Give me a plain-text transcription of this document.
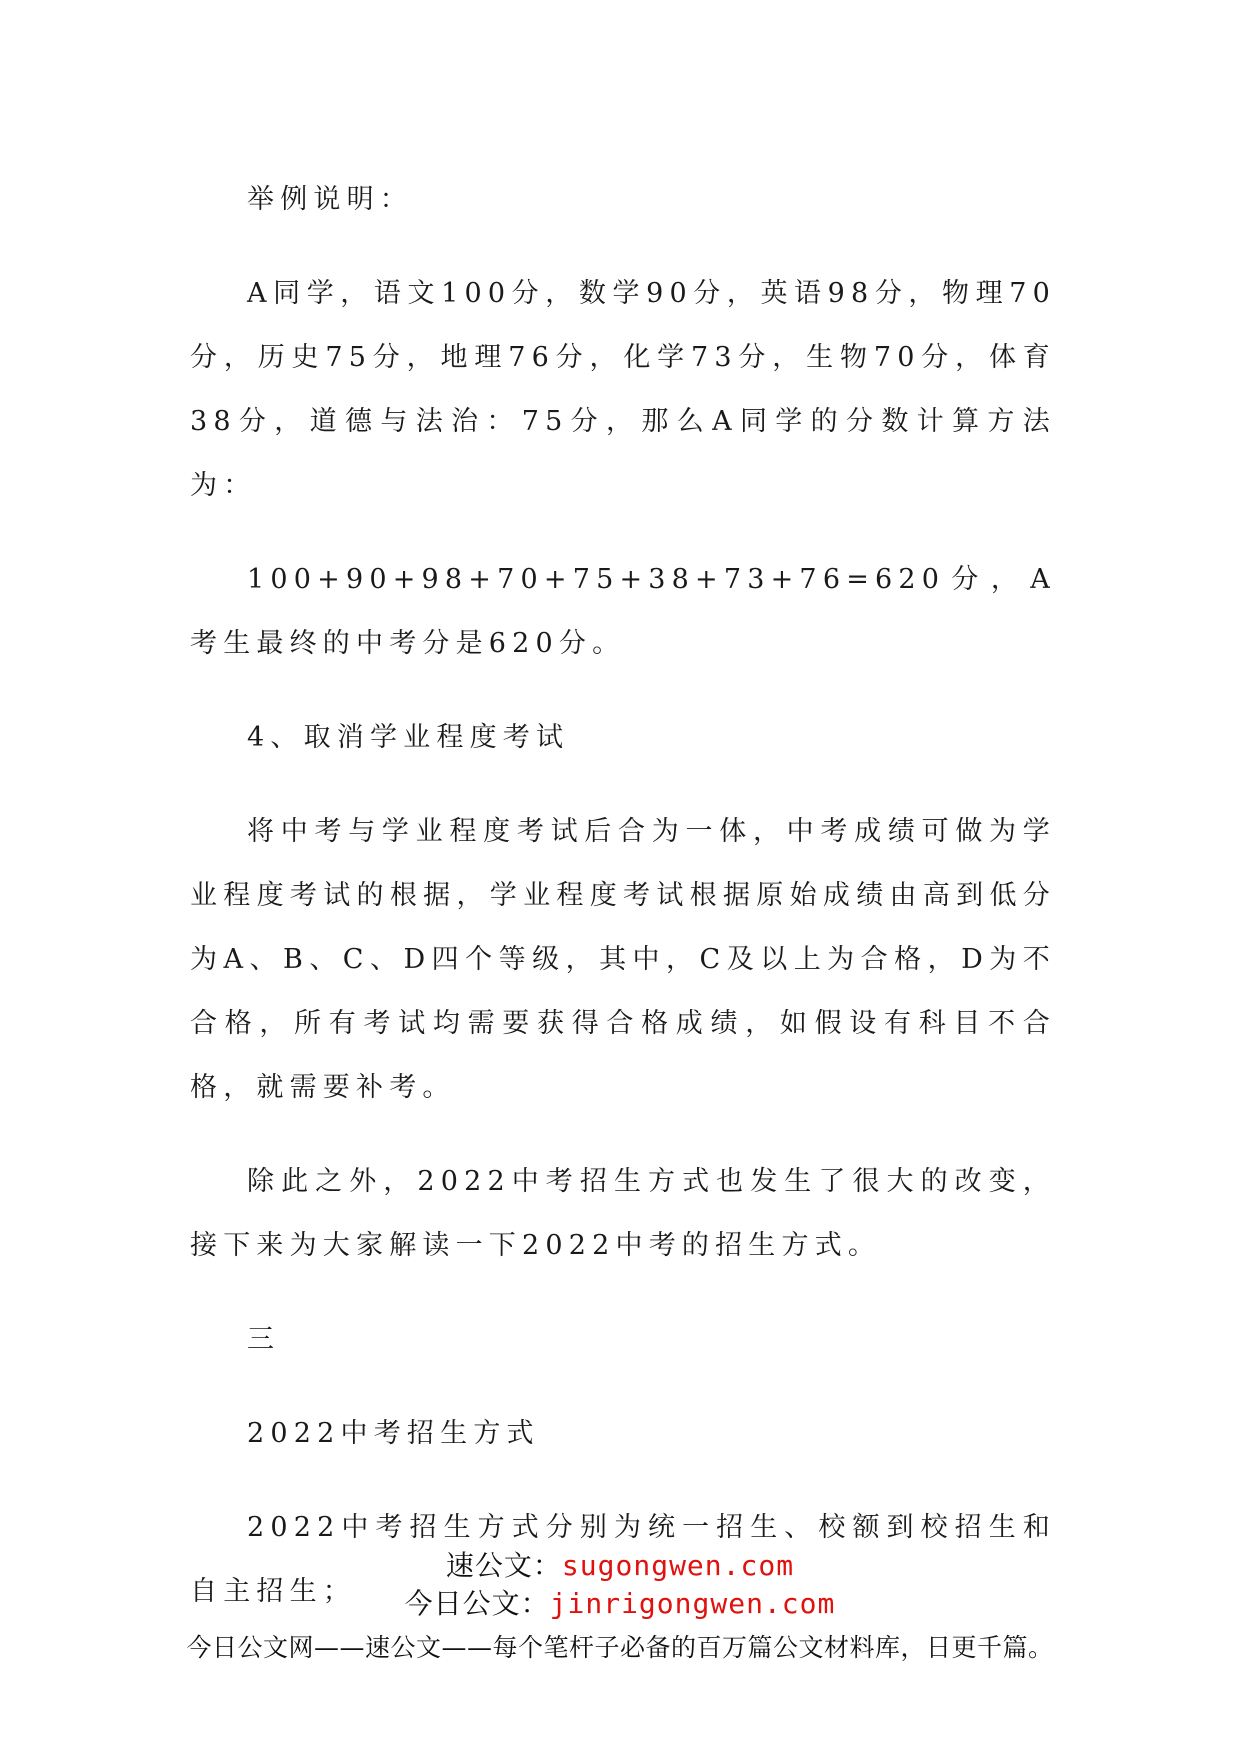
举例说明：

A同学，语文100分，数学90分，英语98分，物理70分，历史75分，地理76分，化学73分，生物70分，体育38分，道德与法治：75分，那么A同学的分数计算方法为：

100+90+98+70+75+38+73+76=620分，A考生最终的中考分是620分。

4、取消学业程度考试

将中考与学业程度考试后合为一体，中考成绩可做为学业程度考试的根据，学业程度考试根据原始成绩由高到低分为A、B、C、D四个等级，其中，C及以上为合格，D为不合格，所有考试均需要获得合格成绩，如假设有科目不合格，就需要补考。

除此之外，2022中考招生方式也发生了很大的改变，接下来为大家解读一下2022中考的招生方式。

三

2022中考招生方式

2022中考招生方式分别为统一招生、校额到校招生和自主招生；

速公文：sugongwen.com
今日公文：jinrigongwen.com
今日公文网——速公文——每个笔杆子必备的百万篇公文材料库，日更千篇。
